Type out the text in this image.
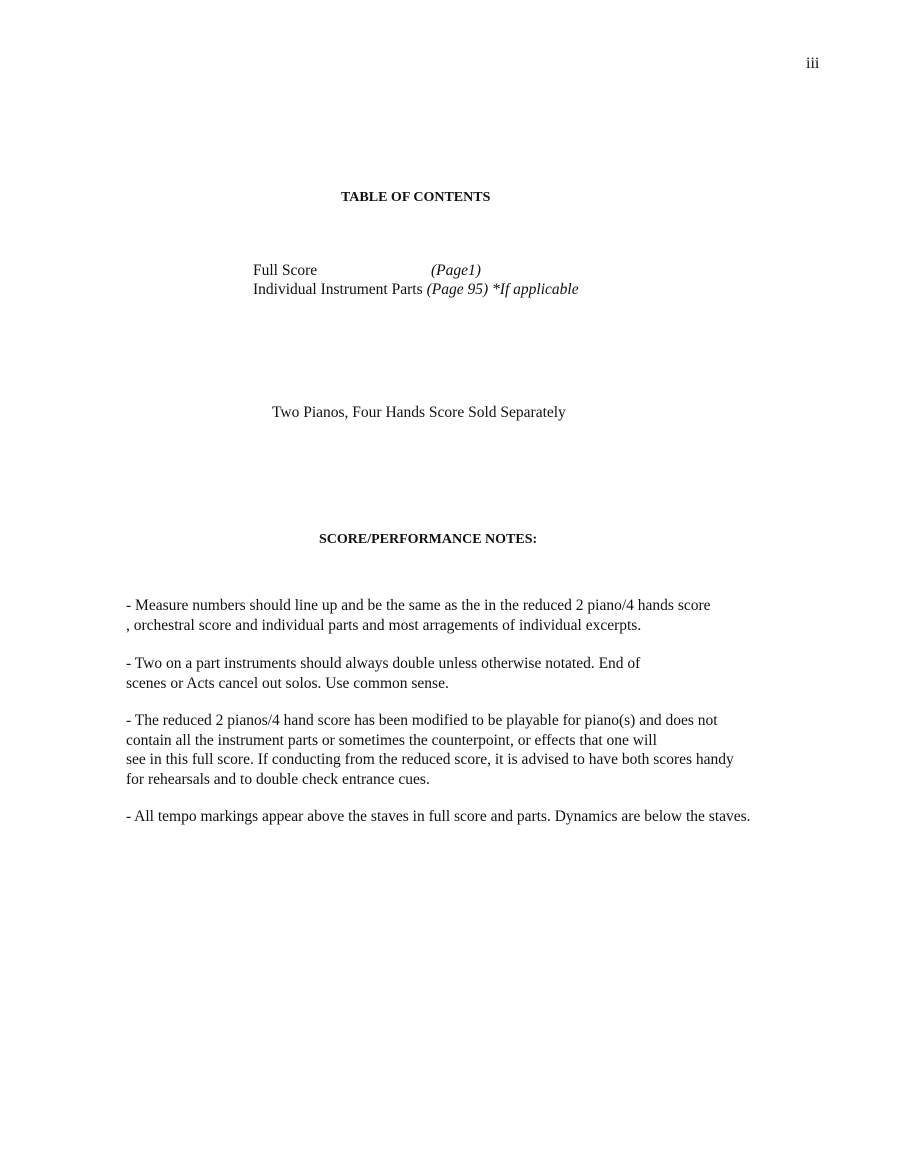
iii
TABLE OF CONTENTS
Full Score	(Page1)
Individual Instrument Parts (Page 95) *If applicable
Two Pianos, Four Hands Score Sold Separately
SCORE/PERFORMANCE NOTES:
- Measure numbers should line up and be the same as the in the reduced 2 piano/4 hands score
, orchestral score and individual parts and most arragements of individual excerpts.
- Two on a part instruments should always double unless otherwise notated. End of
scenes or Acts cancel out solos. Use common sense.
- The reduced 2 pianos/4 hand score has been modified to be playable for piano(s) and does not
contain all the instrument parts or sometimes the counterpoint, or effects that one will
see in this full score. If conducting from the reduced score, it is advised to have both scores handy
for rehearsals and to double check entrance cues.
- All tempo markings appear above the staves in full score and parts. Dynamics are below the staves.
